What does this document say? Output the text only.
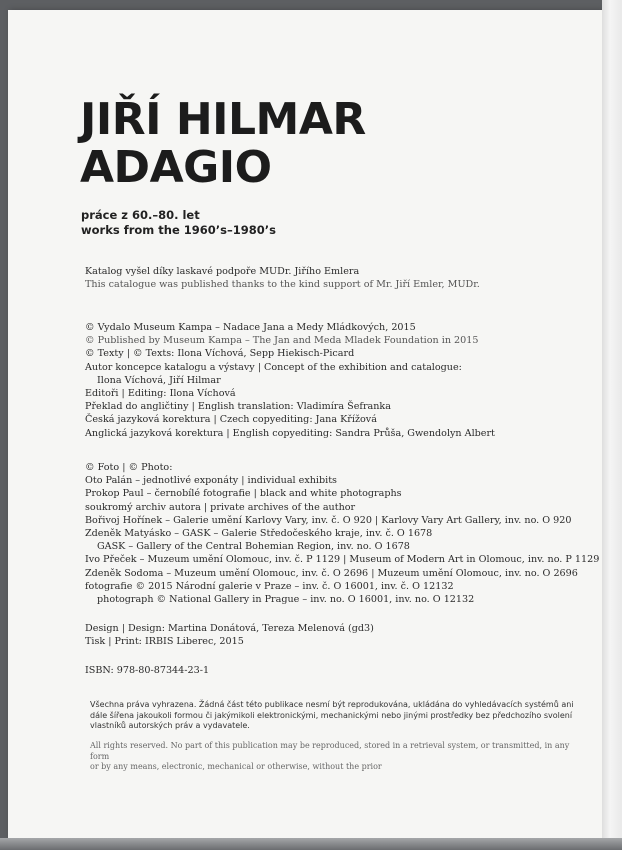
JIŘÍ HILMAR
ADAGIO
práce z 60.–80. let
works from the 1960’s–1980’s
Katalog vyšel díky laskavé podpoře MUDr. Jiřího Emlera
This catalogue was published thanks to the kind support of Mr. Jiří Emler, MUDr.
© Vydalo Museum Kampa – Nadace Jana a Medy Mládkových, 2015
© Published by Museum Kampa – The Jan and Meda Mladek Foundation in 2015
© Texty | © Texts: Ilona Víchová, Sepp Hiekisch-Picard
Autor koncepce katalogu a výstavy | Concept of the exhibition and catalogue:
Ilona Víchová, Jiří Hilmar
Editoři | Editing: Ilona Víchová
Překlad do angličtiny | English translation: Vladimíra Šefranka
Česká jazyková korektura | Czech copyediting: Jana Křížová
Anglická jazyková korektura | English copyediting: Sandra Průša, Gwendolyn Albert
© Foto | © Photo:
Oto Palán – jednotlivé exponáty | individual exhibits
Prokop Paul – černobílé fotografie | black and white photographs
soukromý archiv autora | private archives of the author
Bořivoj Hořínek – Galerie umění Karlovy Vary, inv. č. O 920 | Karlovy Vary Art Gallery, inv. no. O 920
Zdeněk Matyásko – GASK – Galerie Středočeského kraje, inv. č. O 1678
GASK – Gallery of the Central Bohemian Region, inv. no. O 1678
Ivo Přeček – Muzeum umění Olomouc, inv. č. P 1129 | Museum of Modern Art in Olomouc, inv. no. P 1129
Zdeněk Sodoma – Muzeum umění Olomouc, inv. č. O 2696 | Muzeum umění Olomouc, inv. no. O 2696
fotografie © 2015 Národní galerie v Praze – inv. č. O 16001, inv. č. O 12132
photograph © National Gallery in Prague – inv. no. O 16001, inv. no. O 12132
Design | Design: Martina Donátová, Tereza Melenová (gd3)
Tisk | Print: IRBIS Liberec, 2015
ISBN: 978-80-87344-23-1
Všechna práva vyhrazena. Žádná část této publikace nesmí být reprodukována, ukládána do vyhledávacích systémů ani
dále šířena jakoukoli formou či jakýmikoli elektronickými, mechanickými nebo jinými prostředky bez předchozího svolení
vlastníků autorských práv a vydavatele.
All rights reserved. No part of this publication may be reproduced, stored in a retrieval system, or transmitted, in any form
or by any means, electronic, mechanical or otherwise, without the prior
